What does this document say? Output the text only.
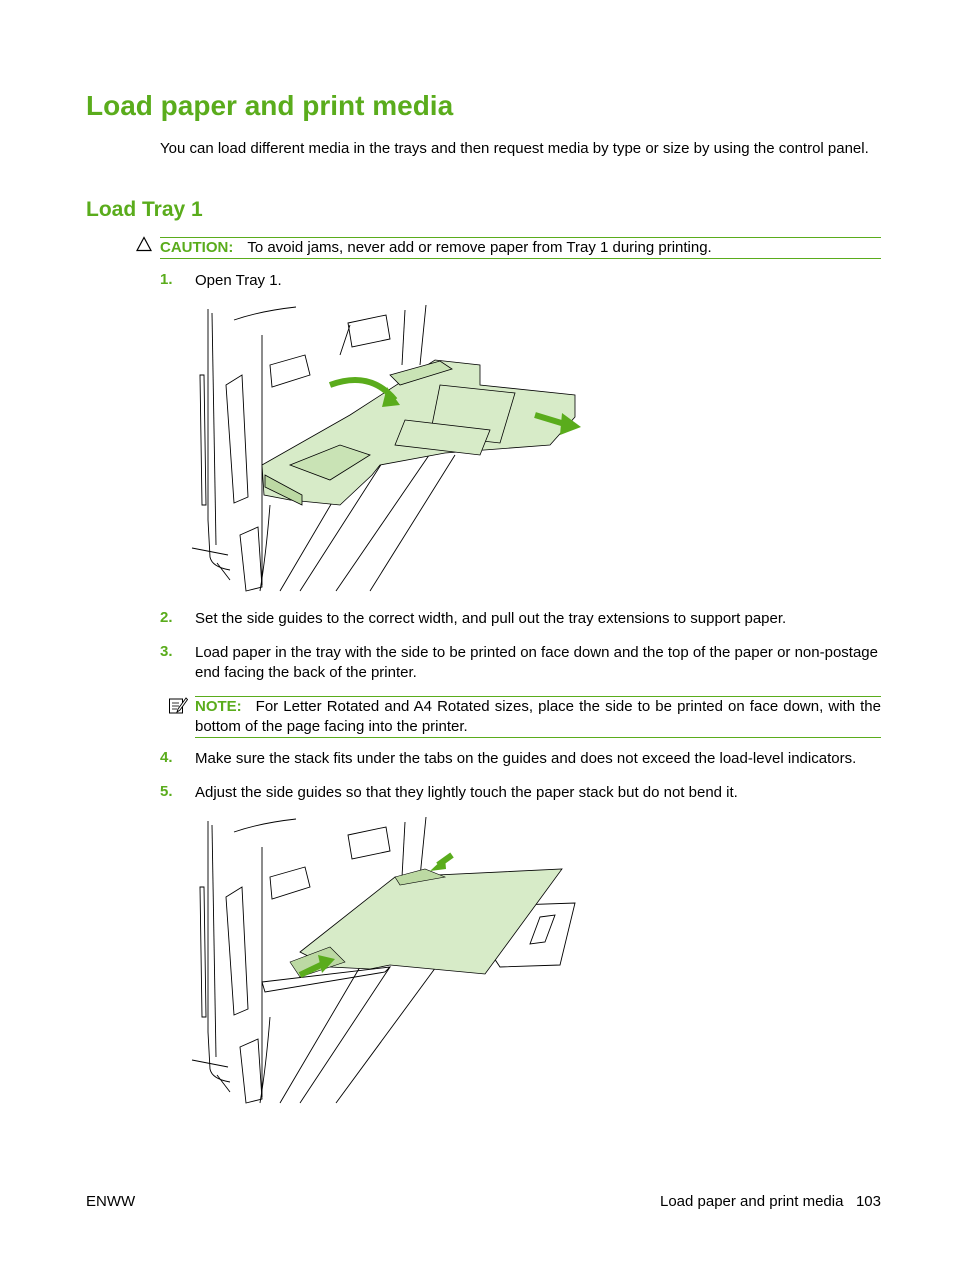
Load paper and print media
You can load different media in the trays and then request media by type or size by using the control panel.
Load Tray 1
CAUTION: To avoid jams, never add or remove paper from Tray 1 during printing.
1. Open Tray 1.
2. Set the side guides to the correct width, and pull out the tray extensions to support paper.
3. Load paper in the tray with the side to be printed on face down and the top of the paper or non-postage end facing the back of the printer.
NOTE: For Letter Rotated and A4 Rotated sizes, place the side to be printed on face down, with the bottom of the page facing into the printer.
4. Make sure the stack fits under the tabs on the guides and does not exceed the load-level indicators.
5. Adjust the side guides so that they lightly touch the paper stack but do not bend it.
ENWW	Load paper and print media 103
